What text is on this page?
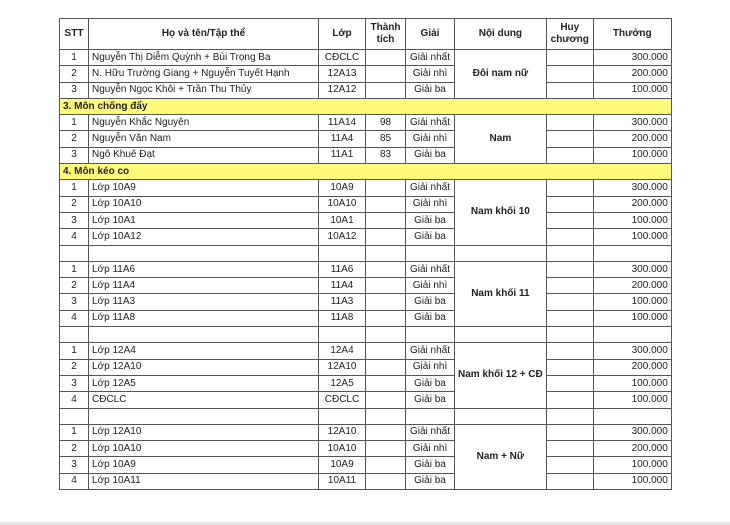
STT	Họ và tên/Tập thể	Lớp	Thành tích	Giải	Nội dung	Huy chương	Thưởng
1	Nguyễn Thị Diễm Quỳnh + Bùi Trọng Ba	CĐCLC		Giải nhất	Đôi nam nữ		300.000
2	N. Hữu Trường Giang + Nguyễn Tuyết Hạnh	12A13		Giải nhì			200.000
3	Nguyễn Ngọc Khôi + Trần Thu Thủy	12A12		Giải ba			100.000
3. Môn chống đẩy							
1	Nguyễn Khắc Nguyên	11A14	98	Giải nhất	Nam		300.000
2	Nguyễn Văn Nam	11A4	85	Giải nhì			200.000
3	Ngô Khuê Đạt	11A1	83	Giải ba			100.000
4. Môn kéo co							
1	Lớp 10A9	10A9		Giải nhất	Nam khối 10		300.000
2	Lớp 10A10	10A10		Giải nhì			200.000
3	Lớp 10A1	10A1		Giải ba			100.000
4	Lớp 10A12	10A12		Giải ba			100.000

1	Lớp 11A6	11A6		Giải nhất	Nam khối 11		300.000
2	Lớp 11A4	11A4		Giải nhì			200.000
3	Lớp 11A3	11A3		Giải ba			100.000
4	Lớp 11A8	11A8		Giải ba			100.000

1	Lớp 12A4	12A4		Giải nhất	Nam khối 12 + CĐ		300.000
2	Lớp 12A10	12A10		Giải nhì			200.000
3	Lớp 12A5	12A5		Giải ba			100.000
4	CĐCLC	CĐCLC		Giải ba			100.000

1	Lớp 12A10	12A10		Giải nhất	Nam + Nữ		300.000
2	Lớp 10A10	10A10		Giải nhì			200.000
3	Lớp 10A9	10A9		Giải ba			100.000
4	Lớp 10A11	10A11		Giải ba			100.000
